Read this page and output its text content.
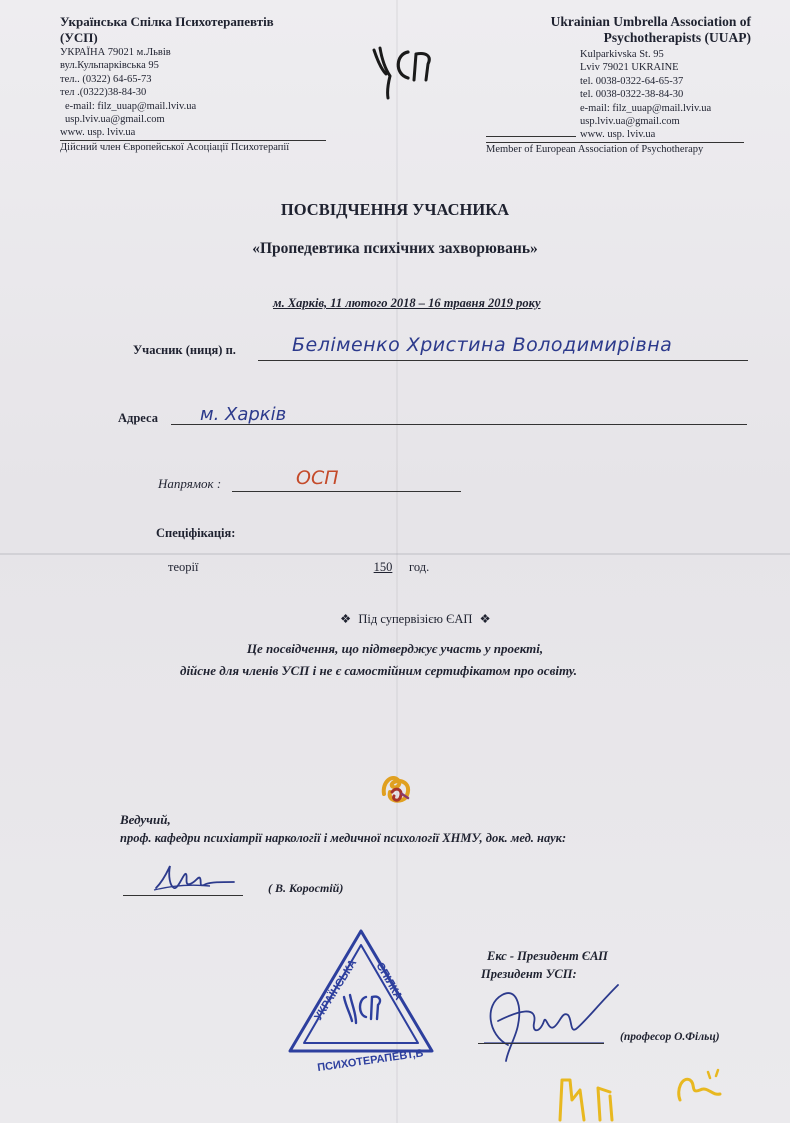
Українська Спілка Психотерапевтів
(УСП)
УКРАЇНА 79021 м.Львів
вул.Кульпарківська 95
тел.. (0322) 64-65-73
тел .(0322)38-84-30
e-mail: filz_uuap@mail.lviv.ua
usp.lviv.ua@gmail.com
www. usp. lviv.ua
Дійсний член Європейської Асоціації Психотерапії
Ukrainian Umbrella Association of
Psychotherapists (UUAP)
Kulparkivska St. 95
Lviv 79021 UKRAINE
tel. 0038-0322-64-65-37
tel. 0038-0322-38-84-30
e-mail: filz_uuap@mail.lviv.ua
usp.lviv.ua@gmail.com
www. usp. lviv.ua
Member of European Association of Psychotherapy
ПОСВІДЧЕННЯ УЧАСНИКА
«Пропедевтика психічних захворювань»
м. Харків, 11 лютого 2018 – 16 травня 2019 року
Учасник (ниця) п.	Беліменко Христина Володимирівна
Адреса м. Харків
Напрямок :	ОСП
Спеціфікація:
теорії	150	год.
❖ Під супервізією ЄАП ❖
Це посвідчення, що підтверджує участь у проекті,
дійсне для членів УСП і не є самостійним сертифікатом про освіту.
Ведучий,
проф. кафедри психіатрії наркології і медичної психології ХНМУ, док. мед. наук:
( В. Коростій)
УКРАЇНСЬКА СПІЛКА
ПСИХОТЕРАПЕВТ,В
Екс - Президент ЄАП
Президент УСП:
(професор О.Фільц)
